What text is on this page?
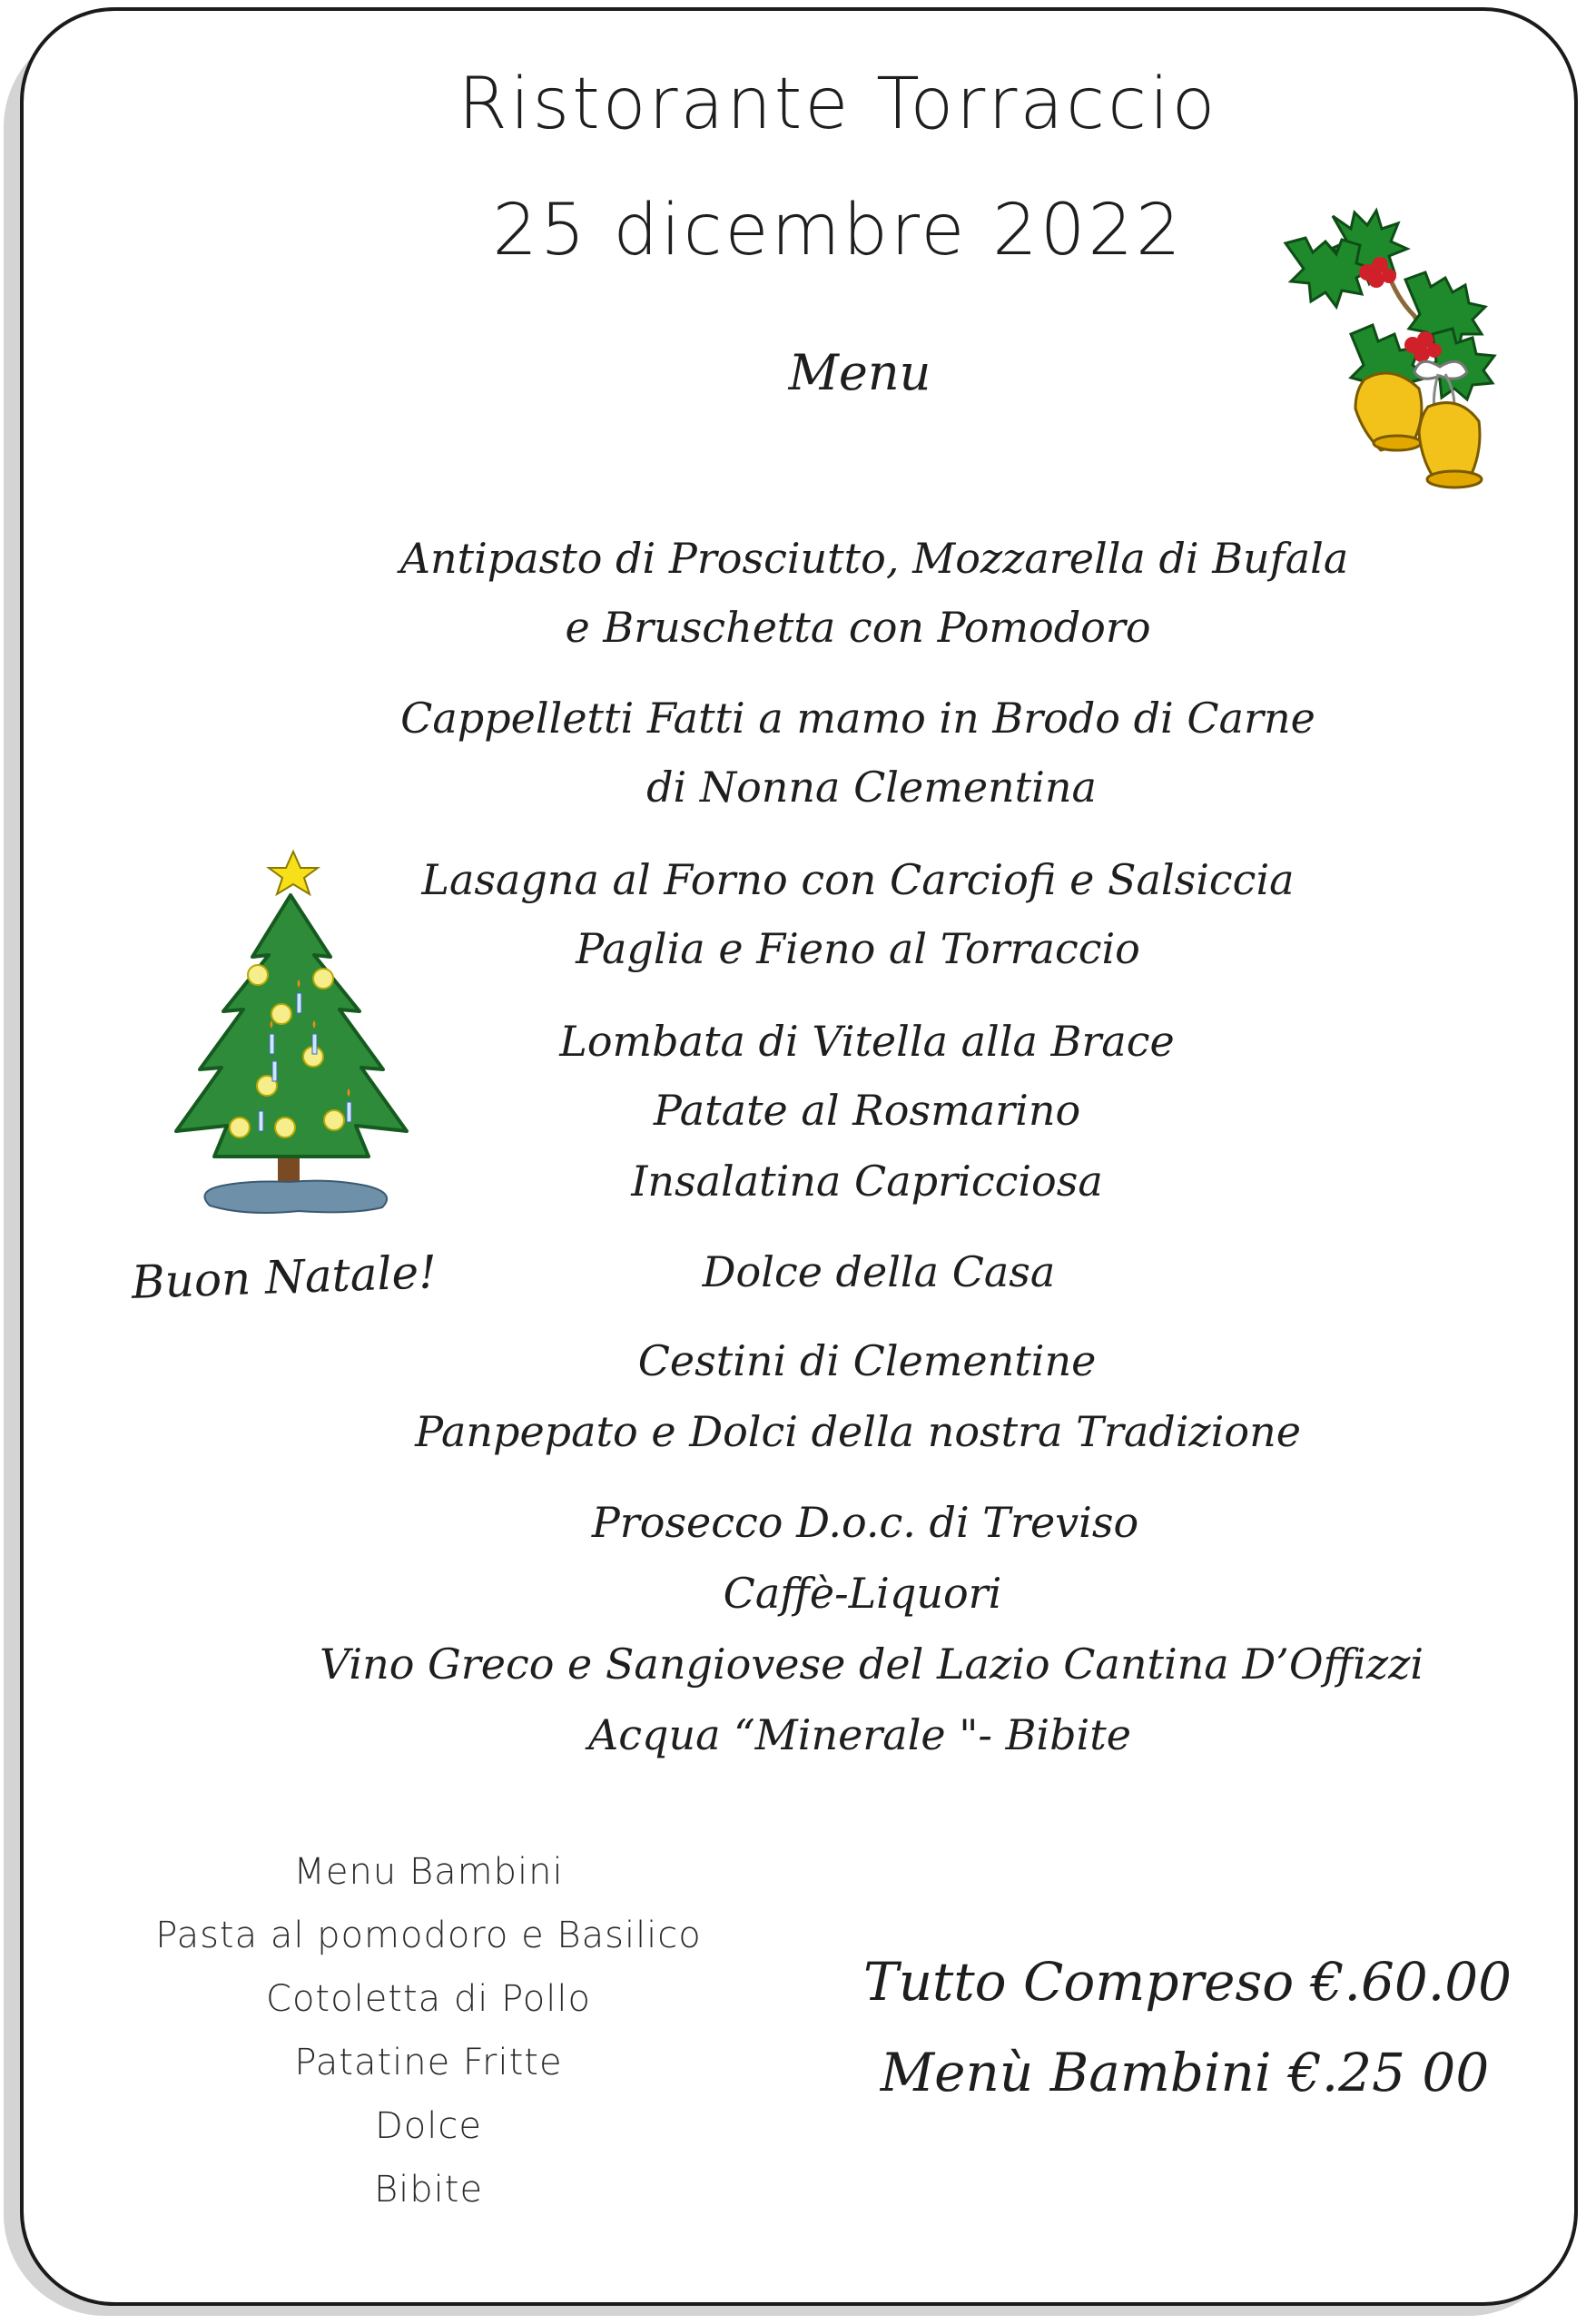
Ristorante Torraccio
25 dicembre 2022
Menu
Antipasto di Prosciutto, Mozzarella di Bufala
e Bruschetta con Pomodoro
Cappelletti Fatti a mamo in Brodo di Carne
di Nonna Clementina
Lasagna al Forno con Carciofi e Salsiccia
Paglia e Fieno al Torraccio
Lombata di Vitella alla Brace
Patate al Rosmarino
Insalatina Capricciosa
Dolce della Casa
Cestini di Clementine
Panpepato e Dolci della nostra Tradizione
Prosecco D.o.c. di Treviso
Caffè-Liquori
Vino Greco e Sangiovese del Lazio Cantina D’Offizzi
Acqua “Minerale "- Bibite
Buon Natale!
Menu Bambini
Pasta al pomodoro e Basilico
Cotoletta di Pollo
Patatine Fritte
Dolce
Bibite
Tutto Compreso €.60.00
Menù Bambini €.25 00
